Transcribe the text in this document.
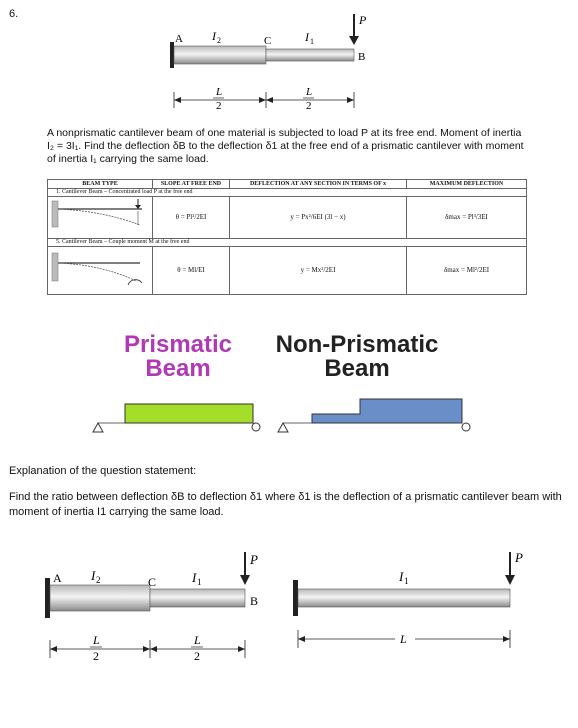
6.
A	C
B
P
I 2	I 1
L
2
L
2
A nonprismatic cantilever beam of one material is subjected to load P at its free end. Moment of inertia I₂ = 3I₁. Find the deflection δB to the deflection δ1 at the free end of a prismatic cantilever with moment of inertia I₁ carrying the same load.
BEAM TYPE	SLOPE AT FREE END	DEFLECTION AT ANY SECTION IN TERMS OF x	MAXIMUM DEFLECTION
1. Cantilever Beam – Concentrated load P at the free end			
	θ = Pl²/2EI	y = Px²/6EI (3l − x)	δmax = Pl³/3EI
5. Cantilever Beam – Couple moment M at the free end			
	θ = Ml/EI	y = Mx²/2EI	δmax = Ml²/2EI
Prismatic
Beam
Non-Prismatic
Beam
Explanation of the question statement:
Find the ratio between deflection δB to deflection δ1 where δ1 is the deflection of a prismatic cantilever beam with moment of inertia I1 carrying the same load.
A	C
B
P
I 2	I 1
L
2
L
2
P
I 1
L
